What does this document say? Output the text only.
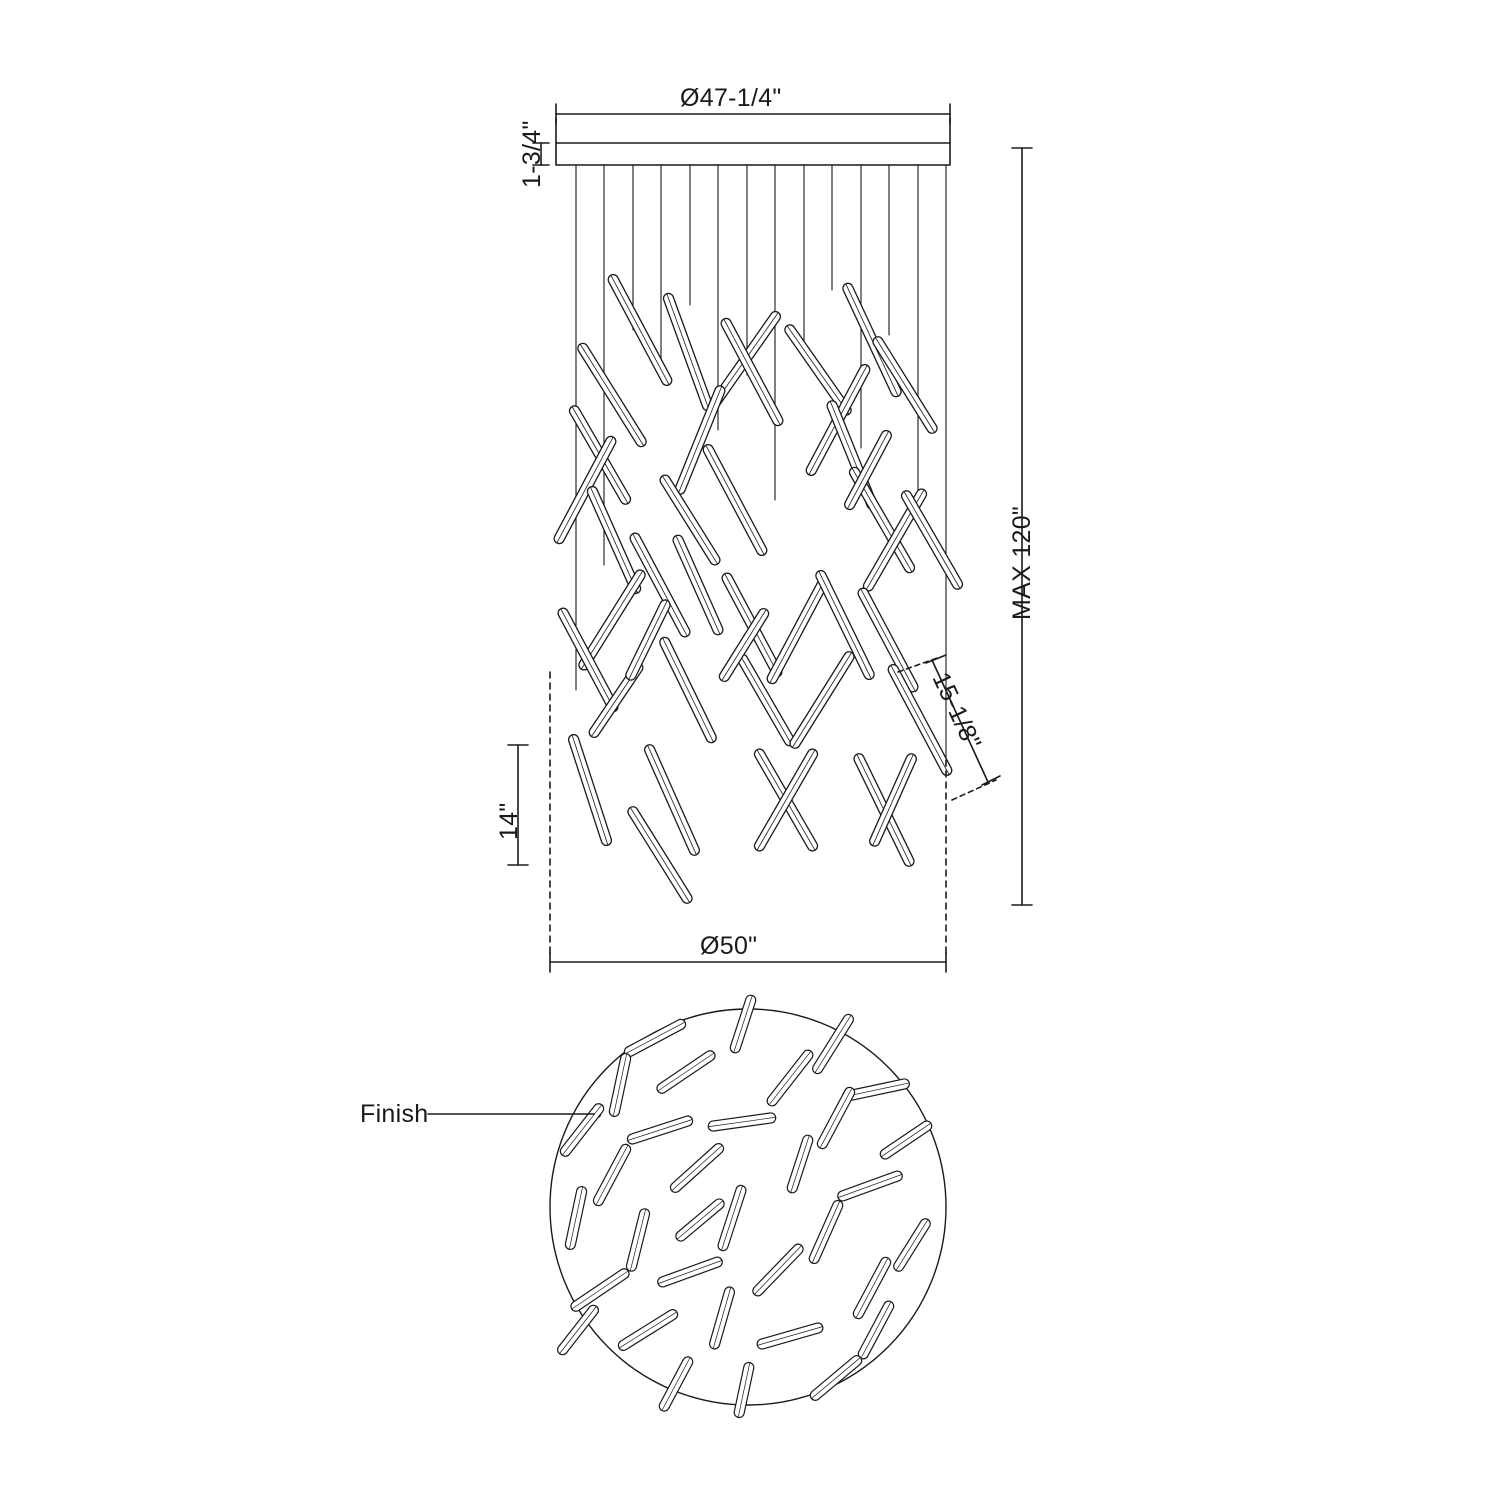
Ø47-1/4"
1-3/4"
MAX 120"
15-1/8"
14"
Ø50"
Finish
